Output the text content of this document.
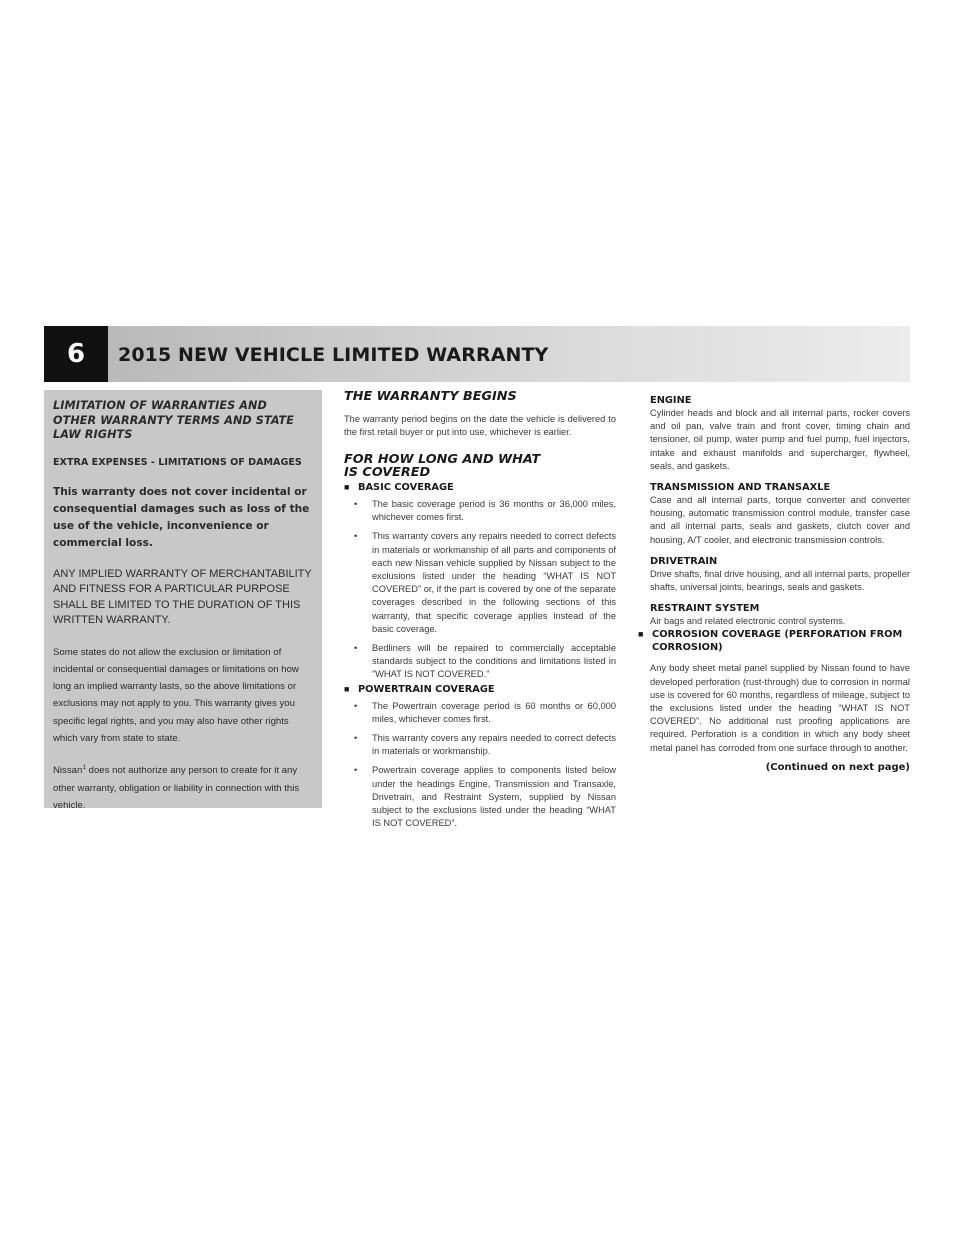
6	2015 NEW VEHICLE LIMITED WARRANTY
LIMITATION OF WARRANTIES AND OTHER WARRANTY TERMS AND STATE LAW RIGHTS
EXTRA EXPENSES - LIMITATIONS OF DAMAGES
This warranty does not cover incidental or consequential damages such as loss of the use of the vehicle, inconvenience or commercial loss.
ANY IMPLIED WARRANTY OF MERCHANTABILITY AND FITNESS FOR A PARTICULAR PURPOSE SHALL BE LIMITED TO THE DURATION OF THIS WRITTEN WARRANTY.
Some states do not allow the exclusion or limitation of incidental or consequential damages or limitations on how long an implied warranty lasts, so the above limitations or exclusions may not apply to you. This warranty gives you specific legal rights, and you may also have other rights which vary from state to state.
Nissan$^1$ does not authorize any person to create for it any other warranty, obligation or liability in connection with this vehicle.
THE WARRANTY BEGINS
The warranty period begins on the date the vehicle is delivered to the first retail buyer or put into use, whichever is earlier.
FOR HOW LONG AND WHAT IS COVERED
■ BASIC COVERAGE
•	The basic coverage period is 36 months or 36,000 miles, whichever comes first.
•	This warranty covers any repairs needed to correct defects in materials or workmanship of all parts and components of each new Nissan vehicle supplied by Nissan subject to the exclusions listed under the heading “WHAT IS NOT COVERED” or, if the part is covered by one of the separate coverages described in the following sections of this warranty, that specific coverage applies instead of the basic coverage.
•	Bedliners will be repaired to commercially acceptable standards subject to the conditions and limitations listed in ”WHAT IS NOT COVERED.”
■ POWERTRAIN COVERAGE
•	The Powertrain coverage period is 60 months or 60,000 miles, whichever comes first.
•	This warranty covers any repairs needed to correct defects in materials or workmanship.
•	Powertrain coverage applies to components listed below under the headings Engine, Transmission and Transaxle, Drivetrain, and Restraint System, supplied by Nissan subject to the exclusions listed under the heading “WHAT IS NOT COVERED”.
ENGINE
Cylinder heads and block and all internal parts, rocker covers and oil pan, valve train and front cover, timing chain and tensioner, oil pump, water pump and fuel pump, fuel injectors, intake and exhaust manifolds and supercharger, flywheel, seals, and gaskets.
TRANSMISSION AND TRANSAXLE
Case and all internal parts, torque converter and converter housing, automatic transmission control module, transfer case and all internal parts, seals and gaskets, clutch cover and housing, A/T cooler, and electronic transmission controls.
DRIVETRAIN
Drive shafts, final drive housing, and all internal parts, propeller shafts, universal joints, bearings, seals and gaskets.
RESTRAINT SYSTEM
Air bags and related electronic control systems.
■ CORROSION COVERAGE (PERFORATION FROM CORROSION)
Any body sheet metal panel supplied by Nissan found to have developed perforation (rust-through) due to corrosion in normal use is covered for 60 months, regardless of mileage, subject to the exclusions listed under the heading “WHAT IS NOT COVERED”. No additional rust proofing applications are required. Perforation is a condition in which any body sheet metal panel has corroded from one surface through to another.
(Continued on next page)
